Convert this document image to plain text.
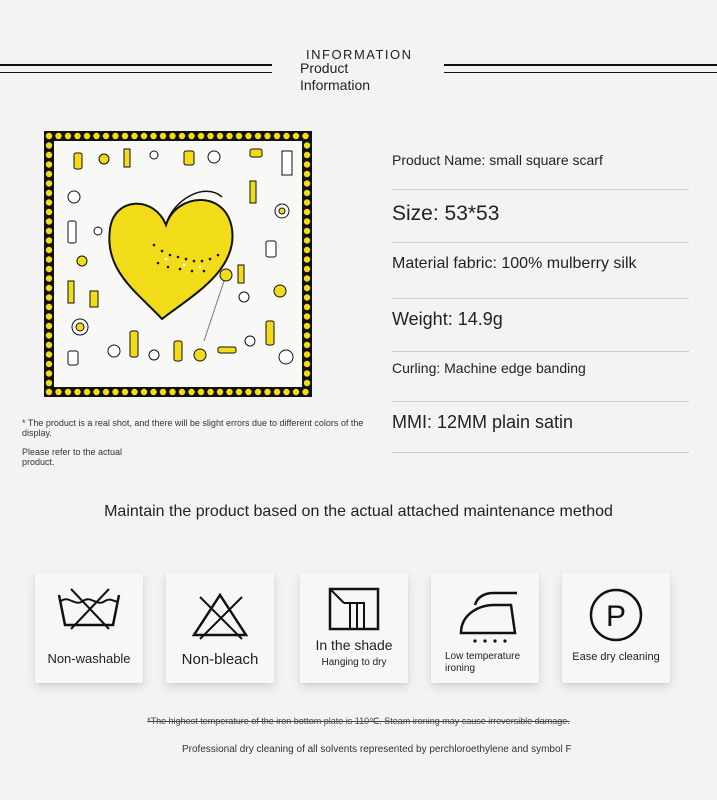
INFORMATION
Product Information
Product Name: small square scarf
Size: 53*53
Material fabric: 100% mulberry silk
Weight: 14.9g
Curling: Machine edge banding
MMI: 12MM plain satin
* The product is a real shot, and there will be slight errors due to different colors of the display.
Please refer to the actual product.
Maintain the product based on the actual attached maintenance method
Non-washable	Non-bleach
In the shade
Hanging to dry
Low temperature ironing
P
Ease dry cleaning
*The highest temperature of the iron bottom plate is 110℃. Steam ironing may cause irreversible damage.
Professional dry cleaning of all solvents represented by perchloroethylene and symbol F
